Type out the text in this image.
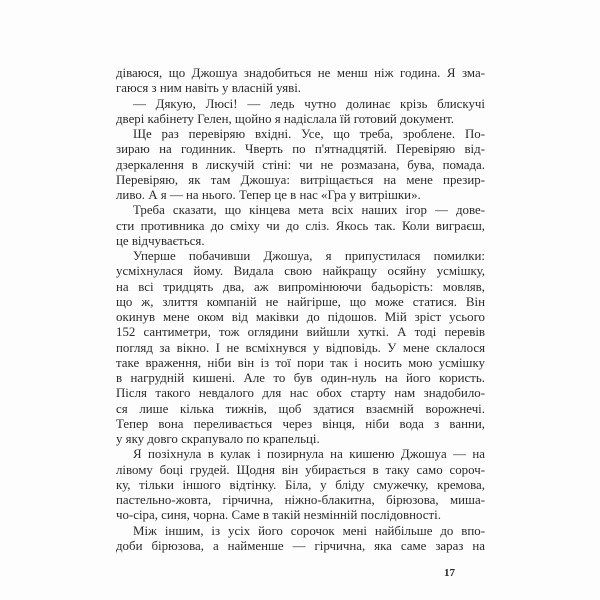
діваюся, що Джошуа знадобиться не менш ніж година. Я зма-
гаюся з ним навіть у власній уяві.
— Дякую, Люсі! — ледь чутно долинає крізь блискучі
двері кабінету Гелен, щойно я надіслала їй готовий документ.
Ще раз перевіряю вхідні. Усе, що треба, зроблене. По-
зираю на годинник. Чверть по п'ятнадцятій. Перевіряю від-
дзеркалення в лискучій стіні: чи не розмазана, бува, помада.
Перевіряю, як там Джошуа: витріщається на мене презир-
ливо. А я — на нього. Тепер це в нас «Гра у витрішки».
Треба сказати, що кінцева мета всіх наших ігор — дове-
сти противника до сміху чи до сліз. Якось так. Коли виграєш,
це відчувається.
Уперше побачивши Джошуа, я припустилася помилки:
усміхнулася йому. Видала свою найкращу осяйну усмішку,
на всі тридцять два, аж випромінюючи бадьорість: мовляв,
що ж, злиття компаній не найгірше, що може статися. Він
окинув мене оком від маківки до підошов. Мій зріст усього
152 сантиметри, тож оглядини вийшли хуткі. А тоді перевів
погляд за вікно. І не всміхнувся у відповідь. У мене склалося
таке враження, ніби він із тої пори так і носить мою усмішку
в нагрудній кишені. Але то був один-нуль на його користь.
Після такого невдалого для нас обох старту нам знадобило-
ся лише кілька тижнів, щоб здатися взаємній ворожнечі.
Тепер вона переливається через вінця, ніби вода з ванни,
у яку довго скрапувало по крапельці.
Я позіхнула в кулак і позирнула на кишеню Джошуа — на
лівому боці грудей. Щодня він убирається в таку само сороч-
ку, тільки іншого відтінку. Біла, у бліду смужечку, кремова,
пастельно-жовта, гірчична, ніжно-блакитна, бірюзова, миша-
чо-сіра, синя, чорна. Саме в такій незмінній послідовності.
Між іншим, із усіх його сорочок мені найбільше до впо-
доби бірюзова, а найменше — гірчична, яка саме зараз на
17
